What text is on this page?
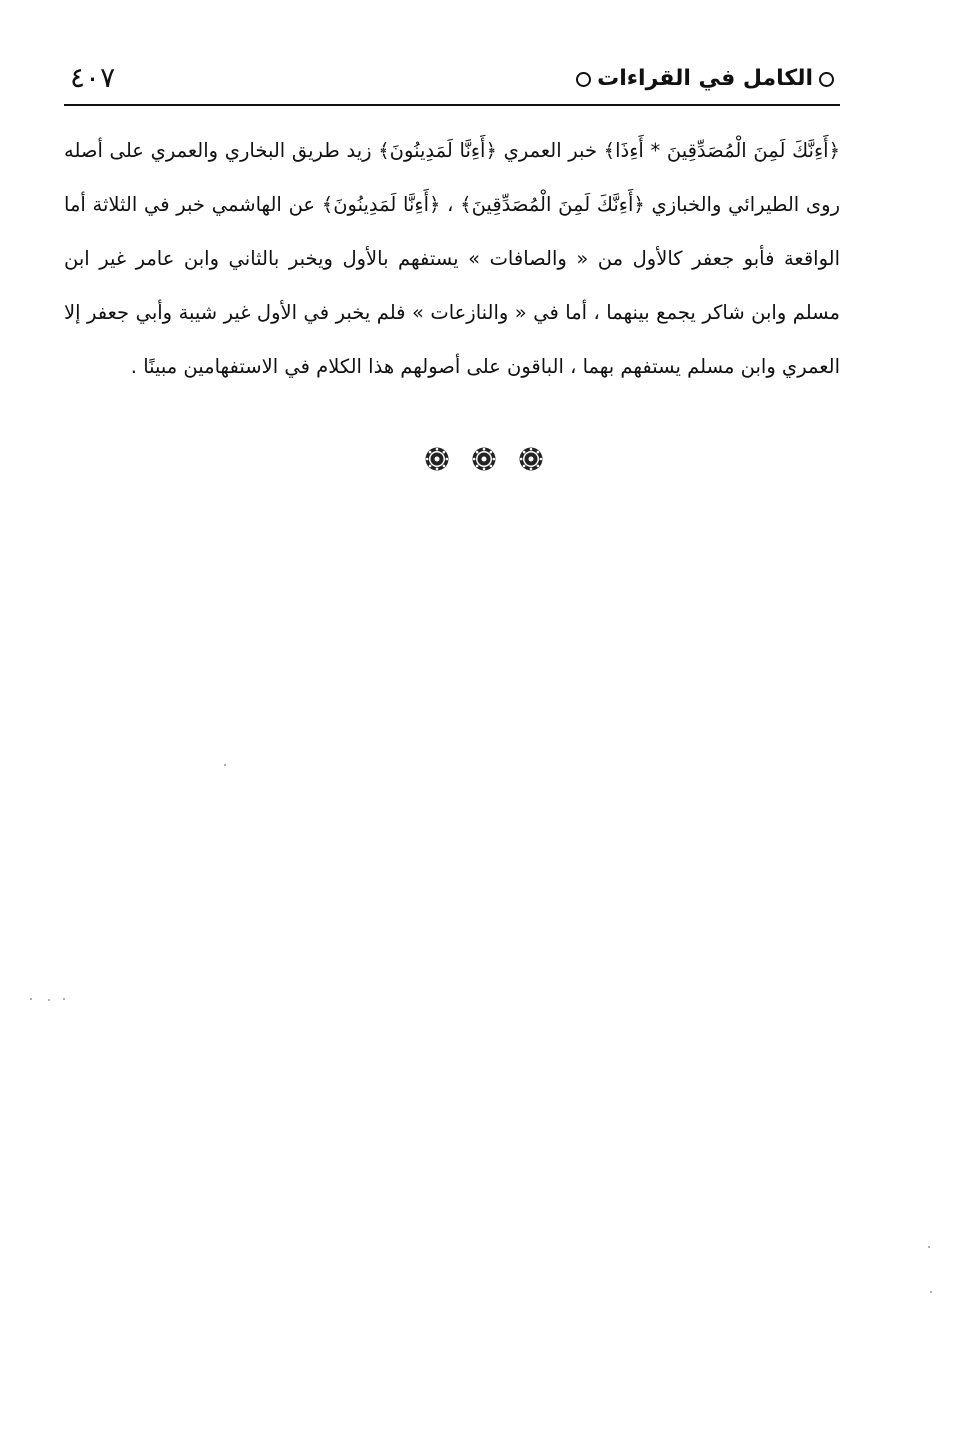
الكامل في القراءات
٤٠٧

﴿أَءِنَّكَ لَمِنَ الْمُصَدِّقِينَ * أَءِذَا﴾ خبر العمري ﴿أَءِنَّا لَمَدِينُونَ﴾ زيد طريق البخاري والعمري على أصله روى الطيرائي والخبازي ﴿أَءِنَّكَ لَمِنَ الْمُصَدِّقِينَ﴾ ، ﴿أَءِنَّا لَمَدِينُونَ﴾ عن الهاشمي خبر في الثلاثة أما الواقعة فأبو جعفر كالأول من « والصافات » يستفهم بالأول ويخبر بالثاني وابن عامر غير ابن مسلم وابن شاكر يجمع بينهما ، أما في « والنازعات » فلم يخبر في الأول غير شيبة وأبي جعفر إلا العمري وابن مسلم يستفهم بهما ، الباقون على أصولهم هذا الكلام في الاستفهامين مبينًا .
